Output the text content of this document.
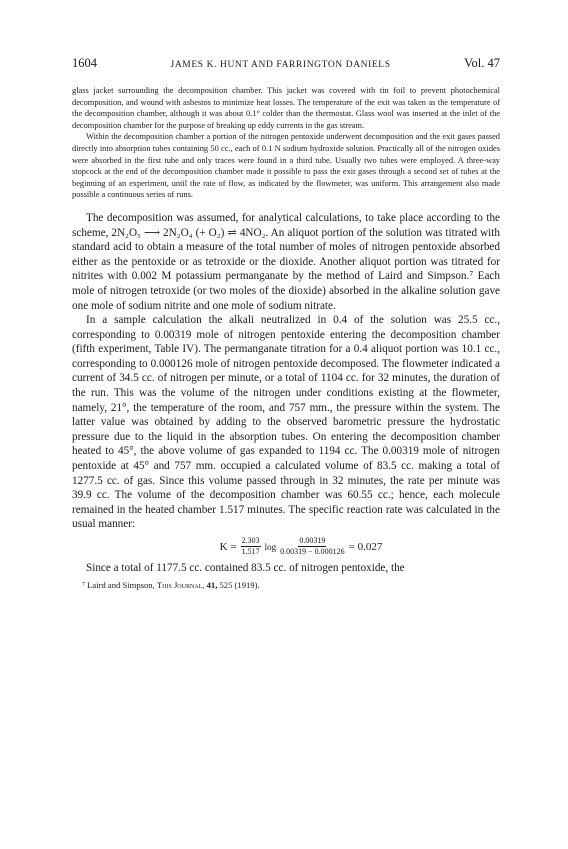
1604	JAMES K. HUNT AND FARRINGTON DANIELS	Vol. 47

glass jacket surrounding the decomposition chamber. This jacket was covered with tin foil to prevent photochemical decomposition, and wound with asbestos to minimize heat losses. The temperature of the exit was taken as the temperature of the decomposition chamber, although it was about 0.1° colder than the thermostat. Glass wool was inserted at the inlet of the decomposition chamber for the purpose of breaking up eddy currents in the gas stream.

Within the decomposition chamber a portion of the nitrogen pentoxide underwent decomposition and the exit gases passed directly into absorption tubes containing 50 cc., each of 0.1 N sodium hydroxide solution. Practically all of the nitrogen oxides were absorbed in the first tube and only traces were found in a third tube. Usually two tubes were employed. A three-way stopcock at the end of the decomposition chamber made it possible to pass the exit gases through a second set of tubes at the beginning of an experiment, until the rate of flow, as indicated by the flowmeter, was uniform. This arrangement also made possible a continuous series of runs.

The decomposition was assumed, for analytical calculations, to take place according to the scheme, 2N₂O₅ ⟶ 2N₂O₄ (+ O₂) ⇌ 4NO₂. An aliquot portion of the solution was titrated with standard acid to obtain a measure of the total number of moles of nitrogen pentoxide absorbed either as the pentoxide or as tetroxide or the dioxide. Another aliquot portion was titrated for nitrites with 0.002 M potassium permanganate by the method of Laird and Simpson.⁷ Each mole of nitrogen tetroxide (or two moles of the dioxide) absorbed in the alkaline solution gave one mole of sodium nitrite and one mole of sodium nitrate.

In a sample calculation the alkali neutralized in 0.4 of the solution was 25.5 cc., corresponding to 0.00319 mole of nitrogen pentoxide entering the decomposition chamber (fifth experiment, Table IV). The permanganate titration for a 0.4 aliquot portion was 10.1 cc., corresponding to 0.000126 mole of nitrogen pentoxide decomposed. The flowmeter indicated a current of 34.5 cc. of nitrogen per minute, or a total of 1104 cc. for 32 minutes, the duration of the run. This was the volume of the nitrogen under conditions existing at the flowmeter, namely, 21°, the temperature of the room, and 757 mm., the pressure within the system. The latter value was obtained by adding to the observed barometric pressure the hydrostatic pressure due to the liquid in the absorption tubes. On entering the decomposition chamber heated to 45°, the above volume of gas expanded to 1194 cc. The 0.00319 mole of nitrogen pentoxide at 45° and 757 mm. occupied a calculated volume of 83.5 cc. making a total of 1277.5 cc. of gas. Since this volume passed through in 32 minutes, the rate per minute was 39.9 cc. The volume of the decomposition chamber was 60.55 cc.; hence, each molecule remained in the heated chamber 1.517 minutes. The specific reaction rate was calculated in the usual manner:

$K = \frac{2.303}{1.517}$ $\log \frac{0.00319}{0.00319 - 0.000126} = 0.027$

Since a total of 1177.5 cc. contained 83.5 cc. of nitrogen pentoxide, the

⁷ Laird and Simpson, This Journal, 41, 525 (1919).
